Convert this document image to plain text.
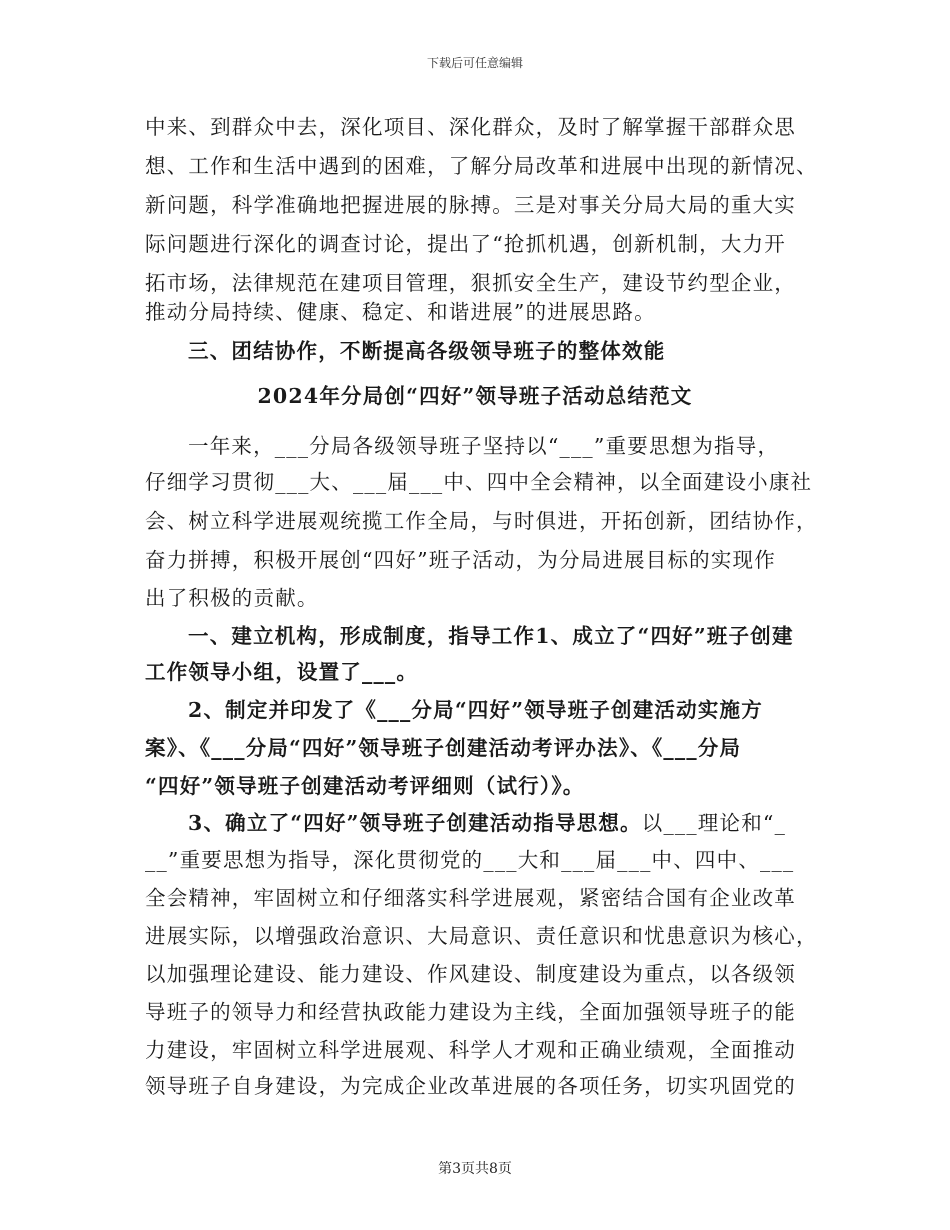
下载后可任意编辑
中来、到群众中去，深化项目、深化群众，及时了解掌握干部群众思
想、工作和生活中遇到的困难，了解分局改革和进展中出现的新情况、
新问题，科学准确地把握进展的脉搏。三是对事关分局大局的重大实
际问题进行深化的调查讨论，提出了“抢抓机遇，创新机制，大力开
拓市场，法律规范在建项目管理，狠抓安全生产，建设节约型企业，
推动分局持续、健康、稳定、和谐进展”的进展思路。
三、团结协作，不断提高各级领导班子的整体效能
2024年分局创“四好”领导班子活动总结范文
一年来，___分局各级领导班子坚持以“___”重要思想为指导，
仔细学习贯彻___大、___届___中、四中全会精神，以全面建设小康社
会、树立科学进展观统揽工作全局，与时俱进，开拓创新，团结协作，
奋力拼搏，积极开展创“四好”班子活动，为分局进展目标的实现作
出了积极的贡献。
一、建立机构，形成制度，指导工作1、成立了“四好”班子创建
工作领导小组，设置了___。
2、制定并印发了《___分局“四好”领导班子创建活动实施方
案》、《___分局“四好”领导班子创建活动考评办法》、《___分局
“四好”领导班子创建活动考评细则（试行）》。
3、确立了“四好”领导班子创建活动指导思想。以___理论和“_
__”重要思想为指导，深化贯彻党的___大和___届___中、四中、___
全会精神，牢固树立和仔细落实科学进展观，紧密结合国有企业改革
进展实际，以增强政治意识、大局意识、责任意识和忧患意识为核心，
以加强理论建设、能力建设、作风建设、制度建设为重点，以各级领
导班子的领导力和经营执政能力建设为主线，全面加强领导班子的能
力建设，牢固树立科学进展观、科学人才观和正确业绩观，全面推动
领导班子自身建设，为完成企业改革进展的各项任务，切实巩固党的
第3页共8页
